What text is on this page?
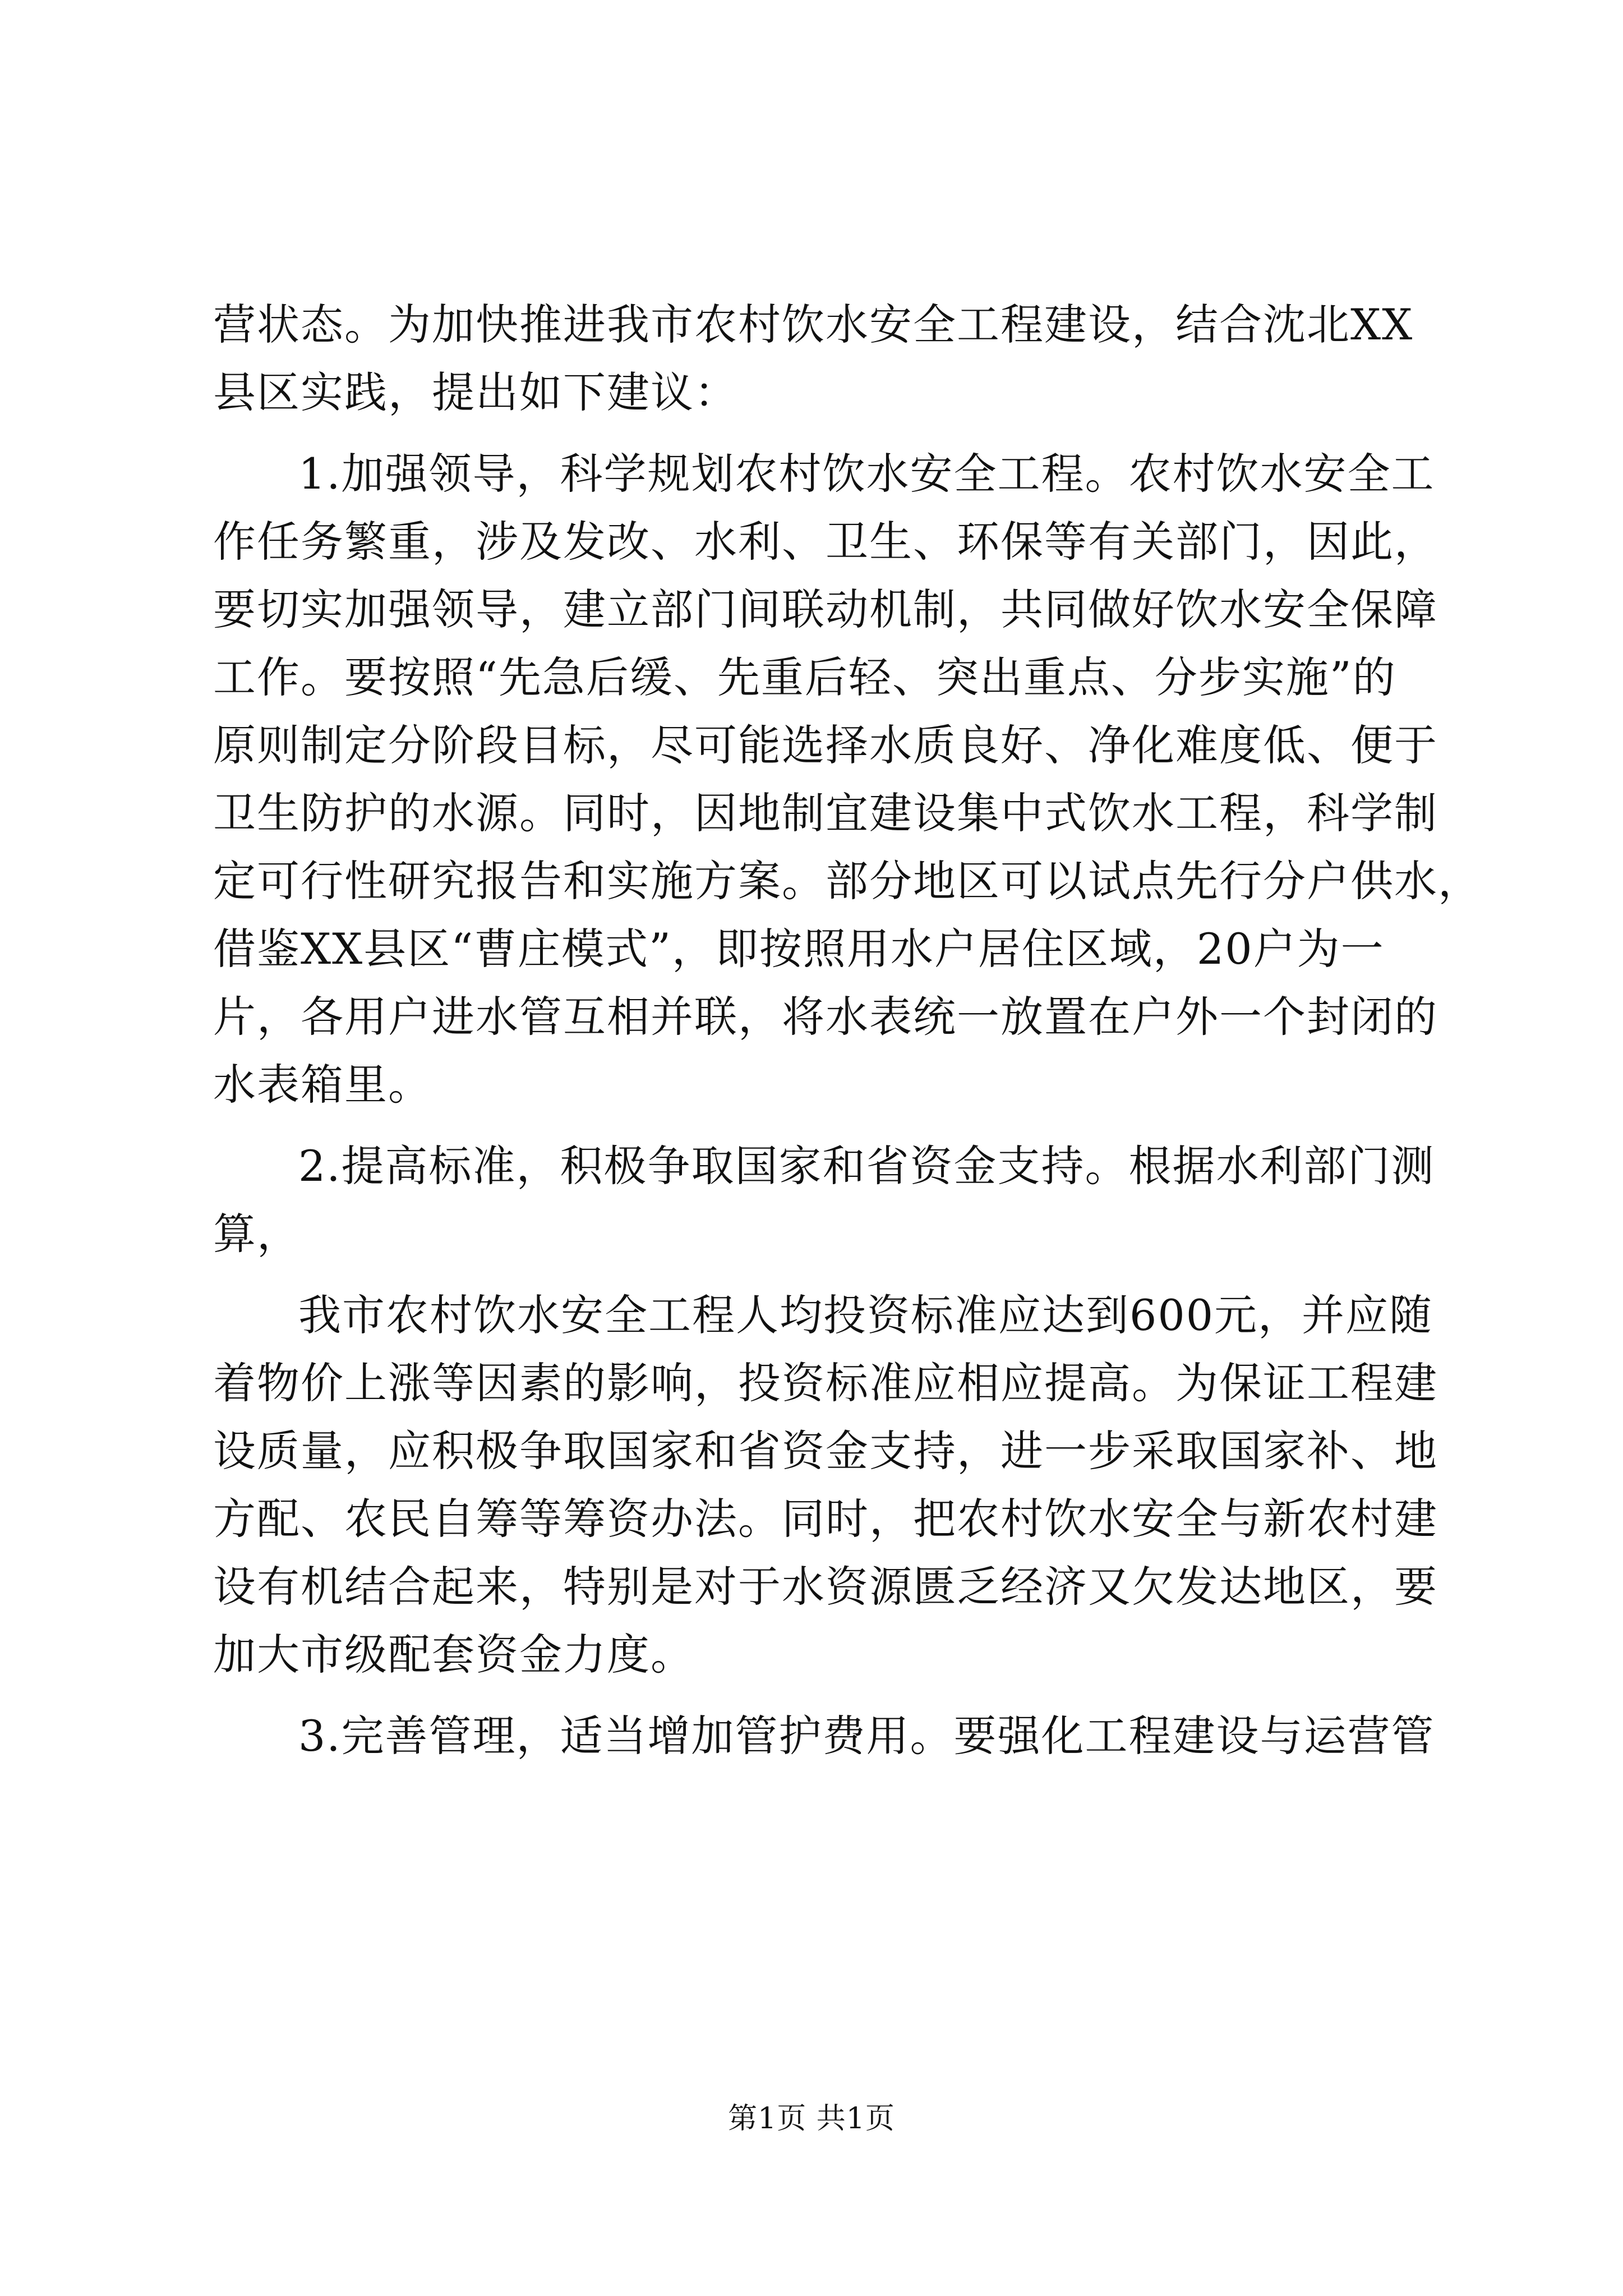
营状态。为加快推进我市农村饮水安全工程建设，结合沈北XX
县区实践，提出如下建议：
1.加强领导，科学规划农村饮水安全工程。农村饮水安全工
作任务繁重，涉及发改、水利、卫生、环保等有关部门，因此，
要切实加强领导，建立部门间联动机制，共同做好饮水安全保障
工作。要按照“先急后缓、先重后轻、突出重点、分步实施”的
原则制定分阶段目标，尽可能选择水质良好、净化难度低、便于
卫生防护的水源。同时，因地制宜建设集中式饮水工程，科学制
定可行性研究报告和实施方案。部分地区可以试点先行分户供水，
借鉴XX县区“曹庄模式”，即按照用水户居住区域，20户为一
片，各用户进水管互相并联，将水表统一放置在户外一个封闭的
水表箱里。
2.提高标准，积极争取国家和省资金支持。根据水利部门测
算，
我市农村饮水安全工程人均投资标准应达到600元，并应随
着物价上涨等因素的影响，投资标准应相应提高。为保证工程建
设质量，应积极争取国家和省资金支持，进一步采取国家补、地
方配、农民自筹等筹资办法。同时，把农村饮水安全与新农村建
设有机结合起来，特别是对于水资源匮乏经济又欠发达地区，要
加大市级配套资金力度。
3.完善管理，适当增加管护费用。要强化工程建设与运营管
第1页 共1页
